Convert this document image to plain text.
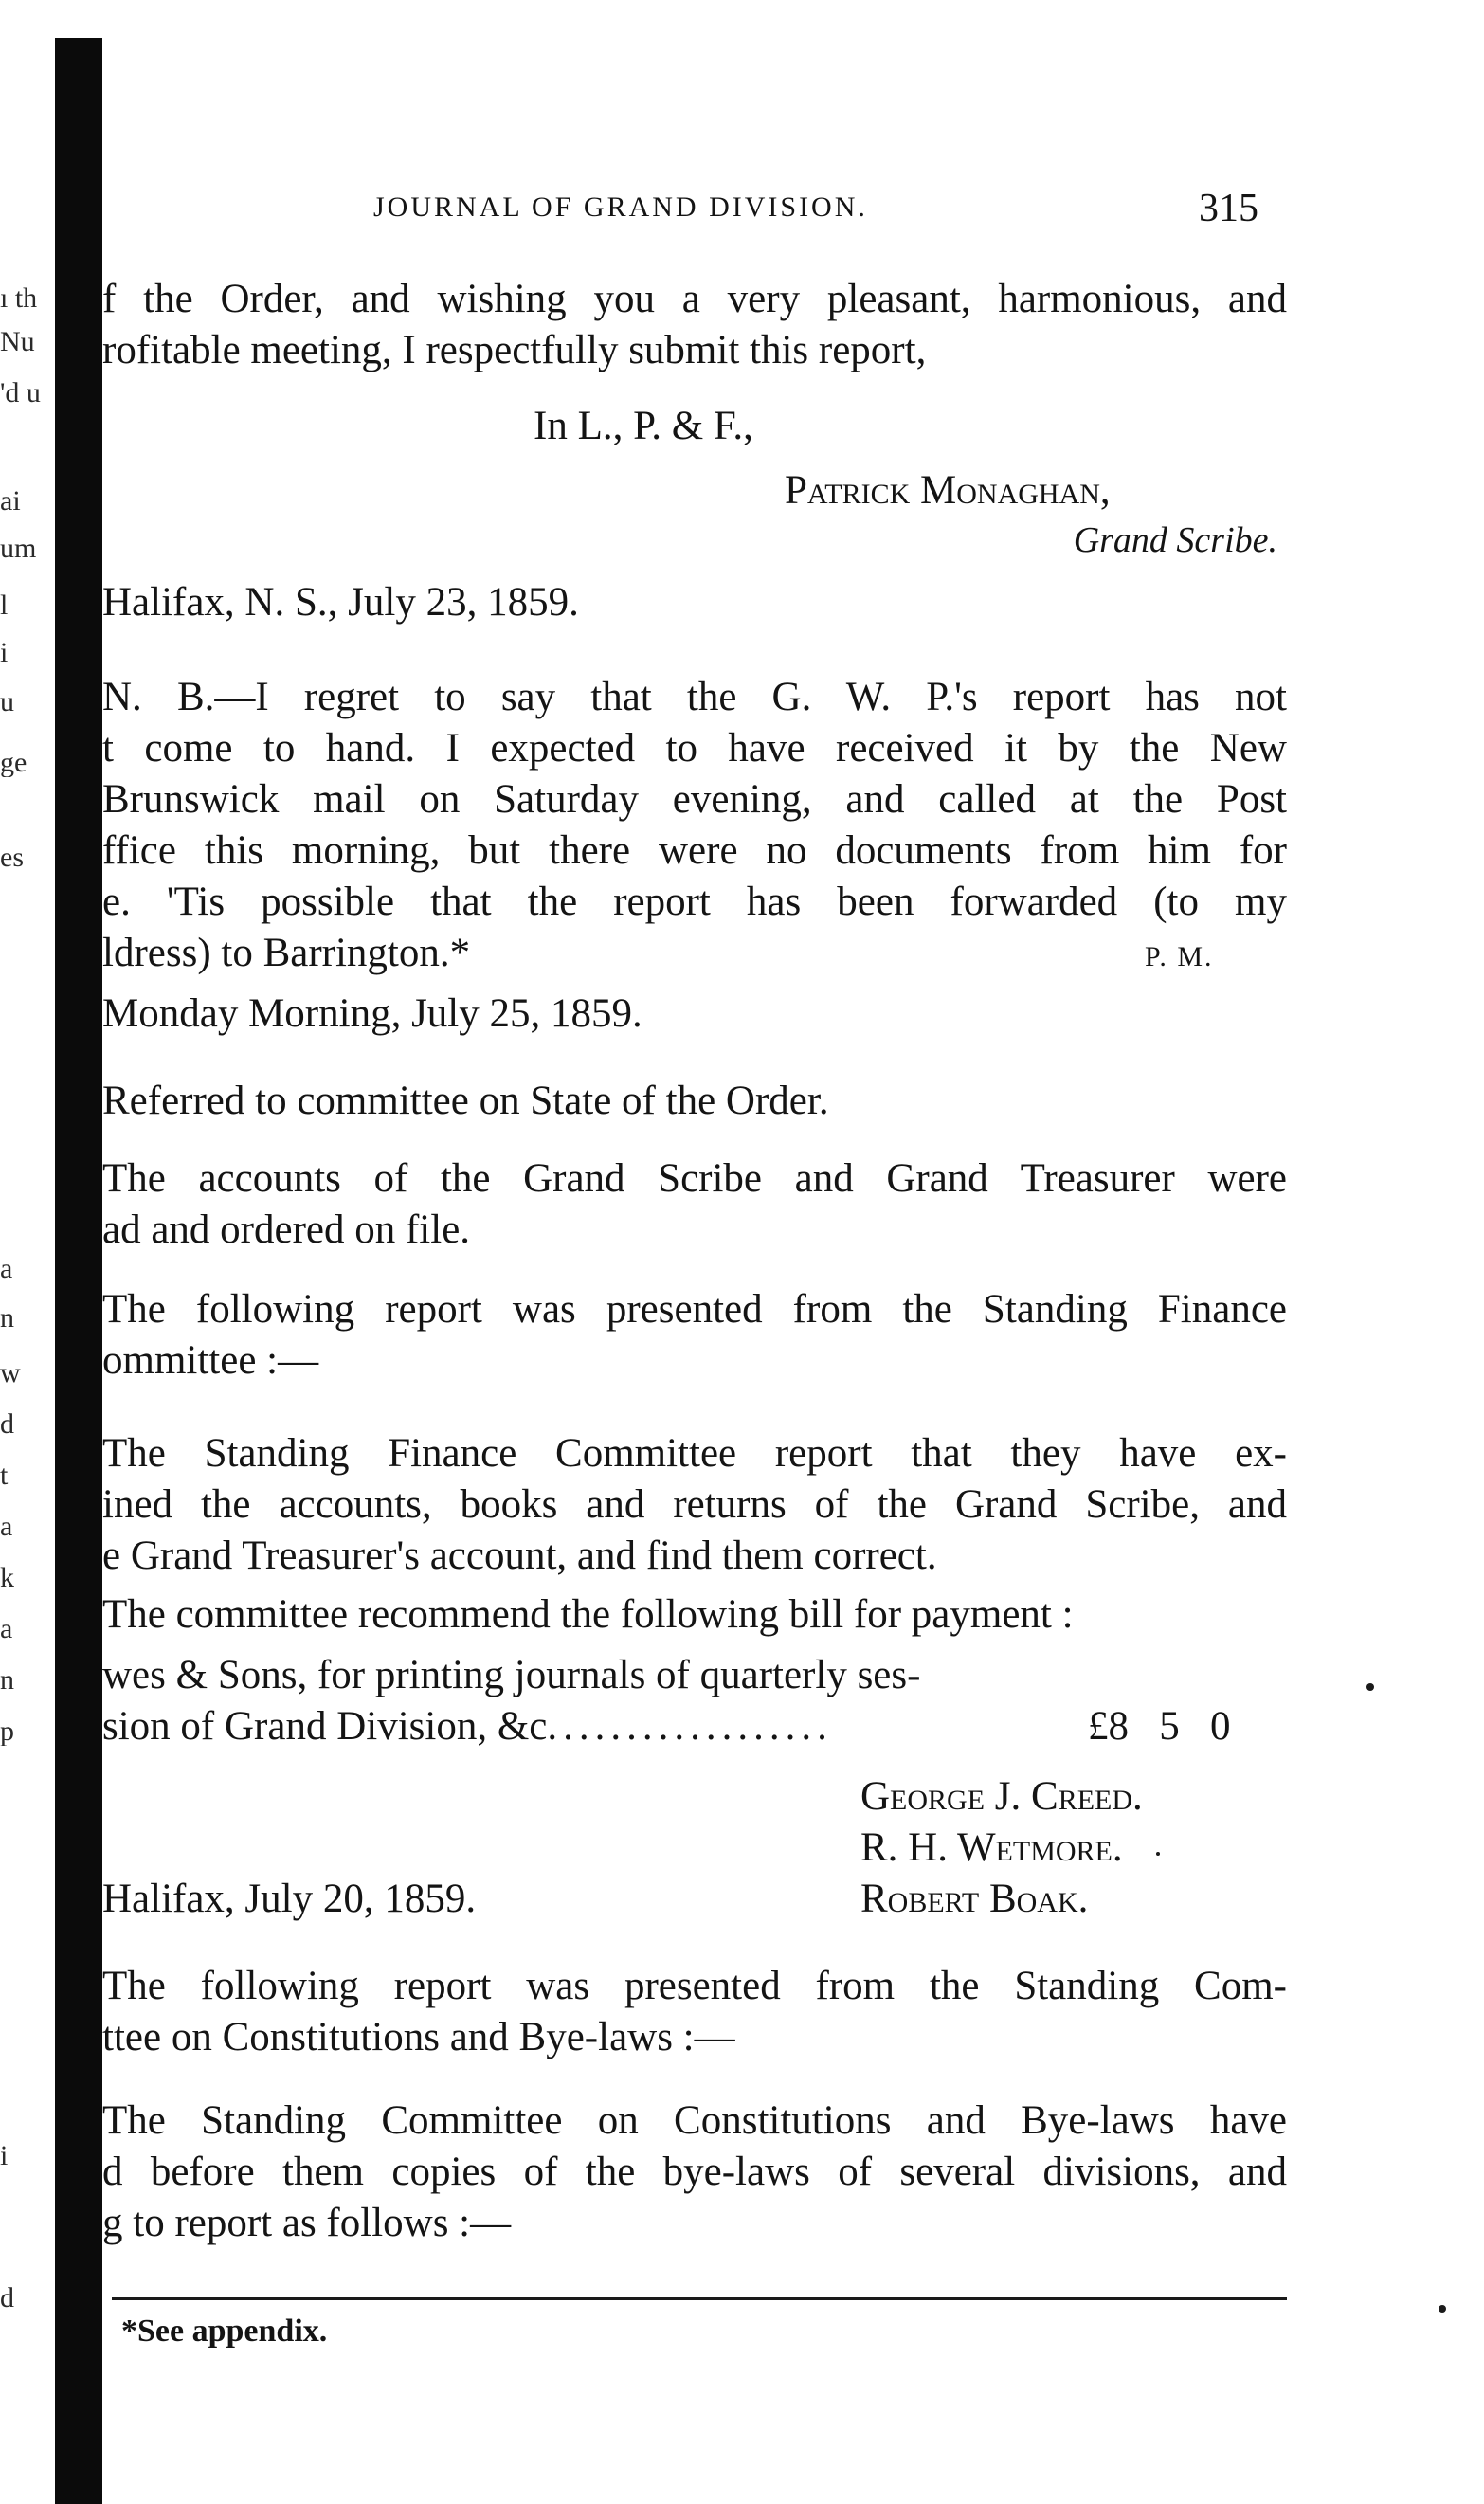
ı th
Nu
'd u
ai
um
l
i
u
ge
es
a
n
w
d
t
a
k
a
n
p
i
d
JOURNAL OF GRAND DIVISION.	315
f the Order, and wishing you a very pleasant, harmonious, and
rofitable meeting, I respectfully submit this report,
In L., P. & F.,
Patrick Monaghan,
Grand Scribe.
Halifax, N. S., July 23, 1859.
N. B.—I regret to say that the G. W. P.'s report has not
t come to hand. I expected to have received it by the New
Brunswick mail on Saturday evening, and called at the Post
ffice this morning, but there were no documents from him for
e. 'Tis possible that the report has been forwarded (to my
ldress) to Barrington.*	P. M.
Monday Morning, July 25, 1859.
Referred to committee on State of the Order.
The accounts of the Grand Scribe and Grand Treasurer were
ad and ordered on file.
The following report was presented from the Standing Finance
ommittee :—
The Standing Finance Committee report that they have ex-
ined the accounts, books and returns of the Grand Scribe, and
e Grand Treasurer's account, and find them correct.
The committee recommend the following bill for payment :
wes & Sons, for printing journals of quarterly ses-
sion of Grand Division, &c..................	£8   5   0
George J. Creed.
R. H. Wetmore.
Robert Boak.
Halifax, July 20, 1859.
The following report was presented from the Standing Com-
ttee on Constitutions and Bye-laws :—
The Standing Committee on Constitutions and Bye-laws have
d before them copies of the bye-laws of several divisions, and
g to report as follows :—
*See appendix.
